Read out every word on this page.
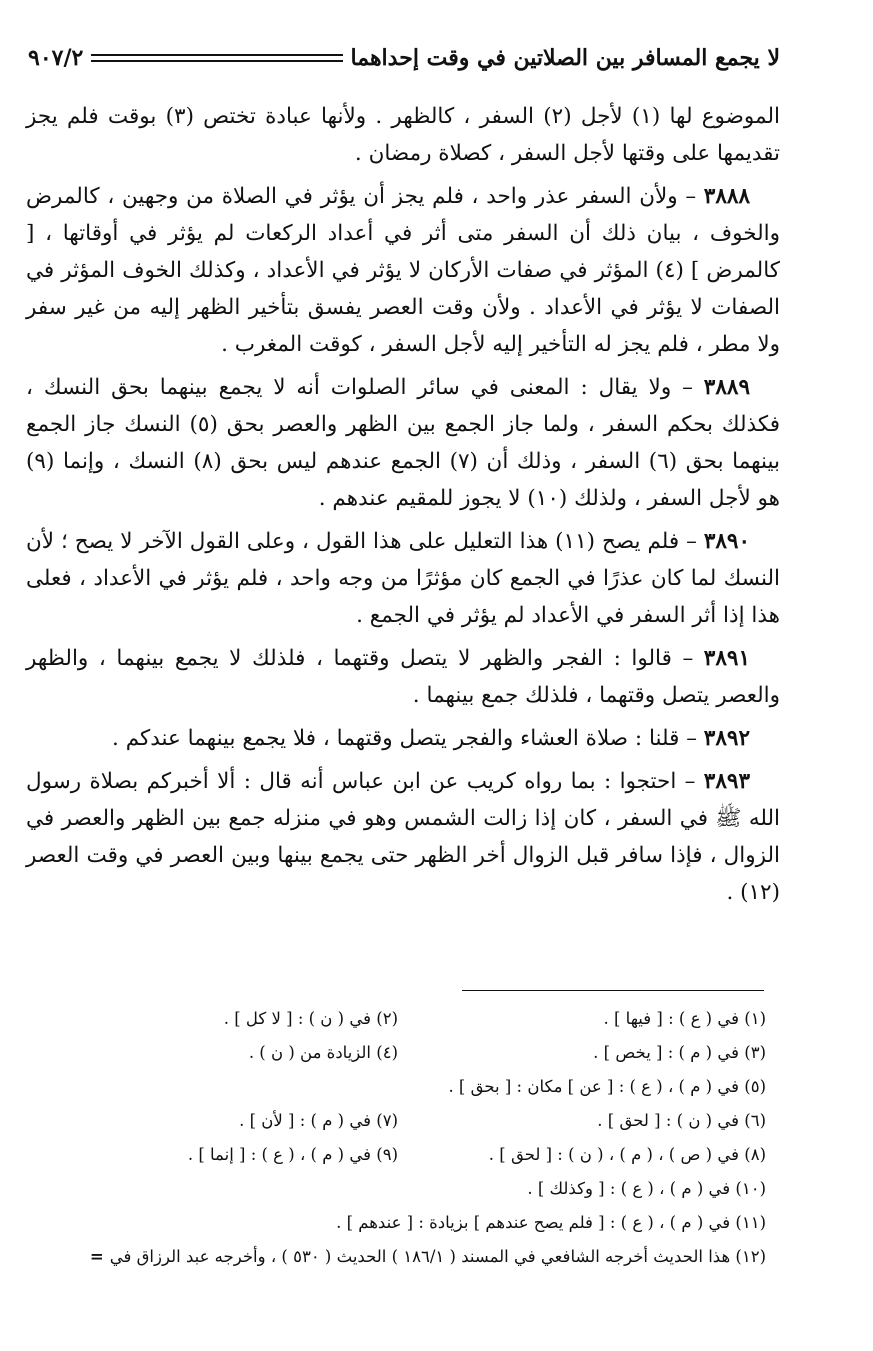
لا يجمع المسافر بين الصلاتين في وقت إحداهما
٩٠٧/٢

الموضوع لها (١) لأجل (٢) السفر ، كالظهر . ولأنها عبادة تختص (٣) بوقت فلم يجز تقديمها على وقتها لأجل السفر ، كصلاة رمضان .

٣٨٨٨ – ولأن السفر عذر واحد ، فلم يجز أن يؤثر في الصلاة من وجهين ، كالمرض والخوف ، بيان ذلك أن السفر متى أثر في أعداد الركعات لم يؤثر في أوقاتها ، [ كالمرض ] (٤) المؤثر في صفات الأركان لا يؤثر في الأعداد ، وكذلك الخوف المؤثر في الصفات لا يؤثر في الأعداد . ولأن وقت العصر يفسق بتأخير الظهر إليه من غير سفر ولا مطر ، فلم يجز له التأخير إليه لأجل السفر ، كوقت المغرب .

٣٨٨٩ – ولا يقال : المعنى في سائر الصلوات أنه لا يجمع بينهما بحق النسك ، فكذلك بحكم السفر ، ولما جاز الجمع بين الظهر والعصر بحق (٥) النسك جاز الجمع بينهما بحق (٦) السفر ، وذلك أن (٧) الجمع عندهم ليس بحق (٨) النسك ، وإنما (٩) هو لأجل السفر ، ولذلك (١٠) لا يجوز للمقيم عندهم .

٣٨٩٠ – فلم يصح (١١) هذا التعليل على هذا القول ، وعلى القول الآخر لا يصح ؛ لأن النسك لما كان عذرًا في الجمع كان مؤثرًا من وجه واحد ، فلم يؤثر في الأعداد ، فعلى هذا إذا أثر السفر في الأعداد لم يؤثر في الجمع .

٣٨٩١ – قالوا : الفجر والظهر لا يتصل وقتهما ، فلذلك لا يجمع بينهما ، والظهر والعصر يتصل وقتهما ، فلذلك جمع بينهما .

٣٨٩٢ – قلنا : صلاة العشاء والفجر يتصل وقتهما ، فلا يجمع بينهما عندكم .

٣٨٩٣ – احتجوا : بما رواه كريب عن ابن عباس أنه قال : ألا أخبركم بصلاة رسول الله ﷺ في السفر ، كان إذا زالت الشمس وهو في منزله جمع بين الظهر والعصر في الزوال ، فإذا سافر قبل الزوال أخر الظهر حتى يجمع بينها وبين العصر في وقت العصر (١٢) .

(١) في ( ع ) : [ فيها ] .
(٢) في ( ن ) : [ لا كل ] .
(٣) في ( م ) : [ يخص ] .
(٤) الزيادة من ( ن ) .
(٥) في ( م ) ، ( ع ) : [ عن ] مكان : [ بحق ] .
(٦) في ( ن ) : [ لحق ] .
(٧) في ( م ) : [ لأن ] .
(٨) في ( ص ) ، ( م ) ، ( ن ) : [ لحق ] .
(٩) في ( م ) ، ( ع ) : [ إنما ] .
(١٠) في ( م ) ، ( ع ) : [ وكذلك ] .
(١١) في ( م ) ، ( ع ) : [ فلم يصح عندهم ] بزيادة : [ عندهم ] .
(١٢) هذا الحديث أخرجه الشافعي في المسند ( ١٨٦/١ ) الحديث ( ٥٣٠ ) ، وأخرجه عبد الرزاق في=
